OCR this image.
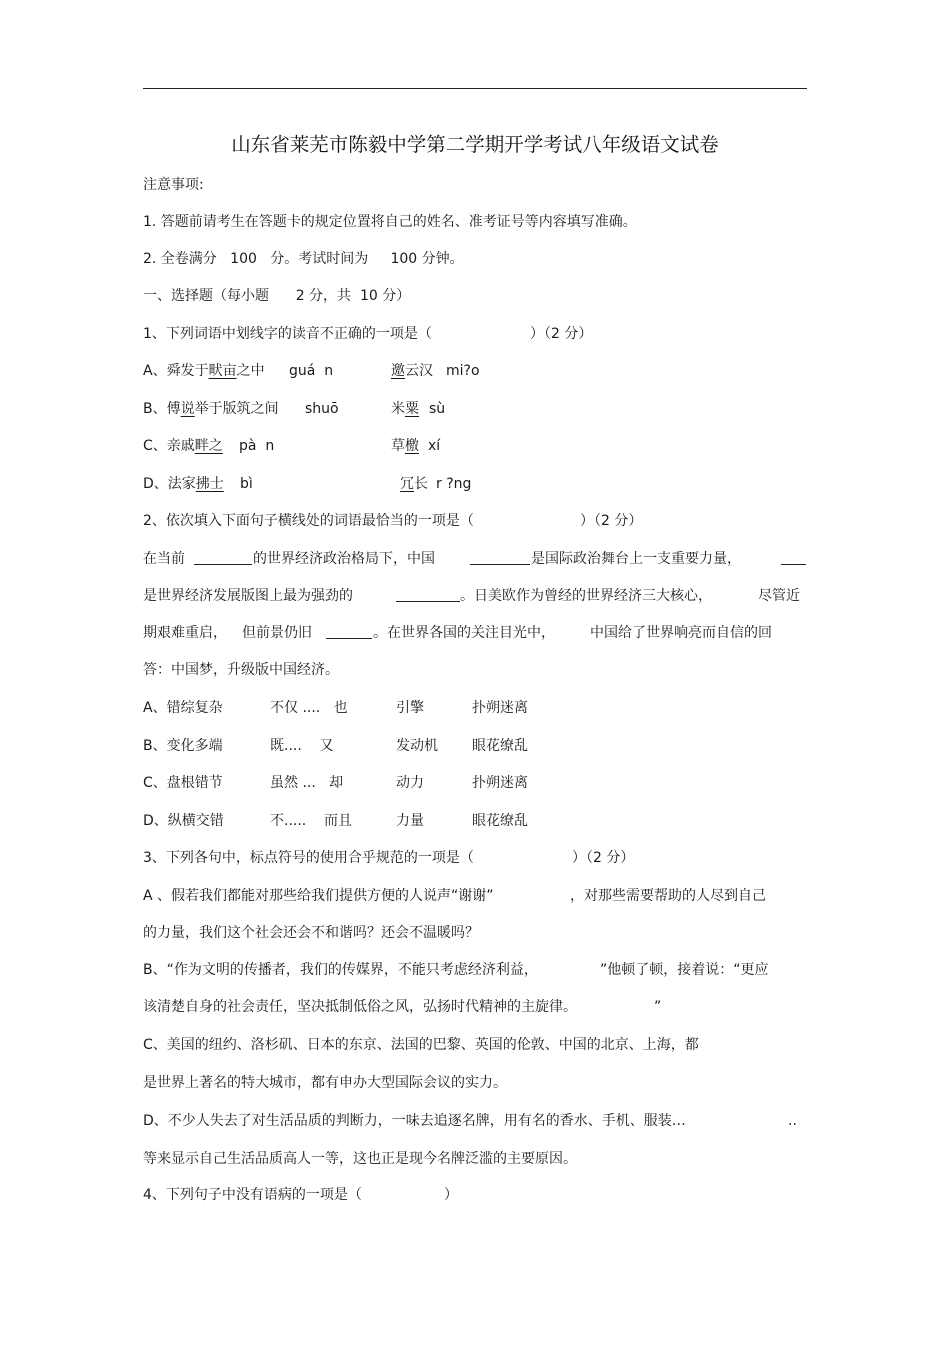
山东省莱芜市陈毅中学第二学期开学考试八年级语文试卷
注意事项:
1. 答题前请考生在答题卡的规定位置将自己的姓名、准考证号等内容填写准确。
2. 全卷满分   100   分。考试时间为     100 分钟。
一、选择题（每小题      2 分，共  10 分）
1、下列词语中划线字的读音不正确的一项是（	）（2 分）
A、舜发于畎亩之中 guá  n	邀云汉 mi?o
B、傅说举于版筑之间 shuō	米粟 sù
C、亲戚畔之 pà  n	草檄 xí
D、法家拂士 bì	冗长 r ?ng
2、依次填入下面句子横线处的词语最恰当的一项是（	）（2 分）
在当前	的世界经济政治格局下，中国	是国际政治舞台上一支重要力量，
是世界经济发展版图上最为强劲的	。日美欧作为曾经的世界经济三大核心，	尽管近
期艰难重启， 但前景仍旧	。在世界各国的关注目光中，	中国给了世界响亮而自信的回
答：中国梦，升级版中国经济。
A、错综复杂	不仅 ....   也	引擎	扑朔迷离
B、变化多端	既....    又	发动机 眼花缭乱
C、盘根错节	虽然 ...   却	动力	扑朔迷离
D、纵横交错	不.....    而且	力量	眼花缭乱
3、下列各句中，标点符号的使用合乎规范的一项是（	）（2 分）
A 、假若我们都能对那些给我们提供方便的人说声“谢谢”	，对那些需要帮助的人尽到自己
的力量，我们这个社会还会不和谐吗？还会不温暖吗？
B、“作为文明的传播者，我们的传媒界，不能只考虑经济利益，	”他顿了顿，接着说：“更应
该清楚自身的社会责任，坚决抵制低俗之风，弘扬时代精神的主旋律。	”
C、美国的纽约、洛杉矶、日本的东京、法国的巴黎、英国的伦敦、中国的北京、上海，都
是世界上著名的特大城市，都有申办大型国际会议的实力。
D、不少人失去了对生活品质的判断力，一味去追逐名牌，用有名的香水、手机、服装…	..
等来显示自己生活品质高人一等，这也正是现今名牌泛滥的主要原因。
4、下列句子中没有语病的一项是（	）
